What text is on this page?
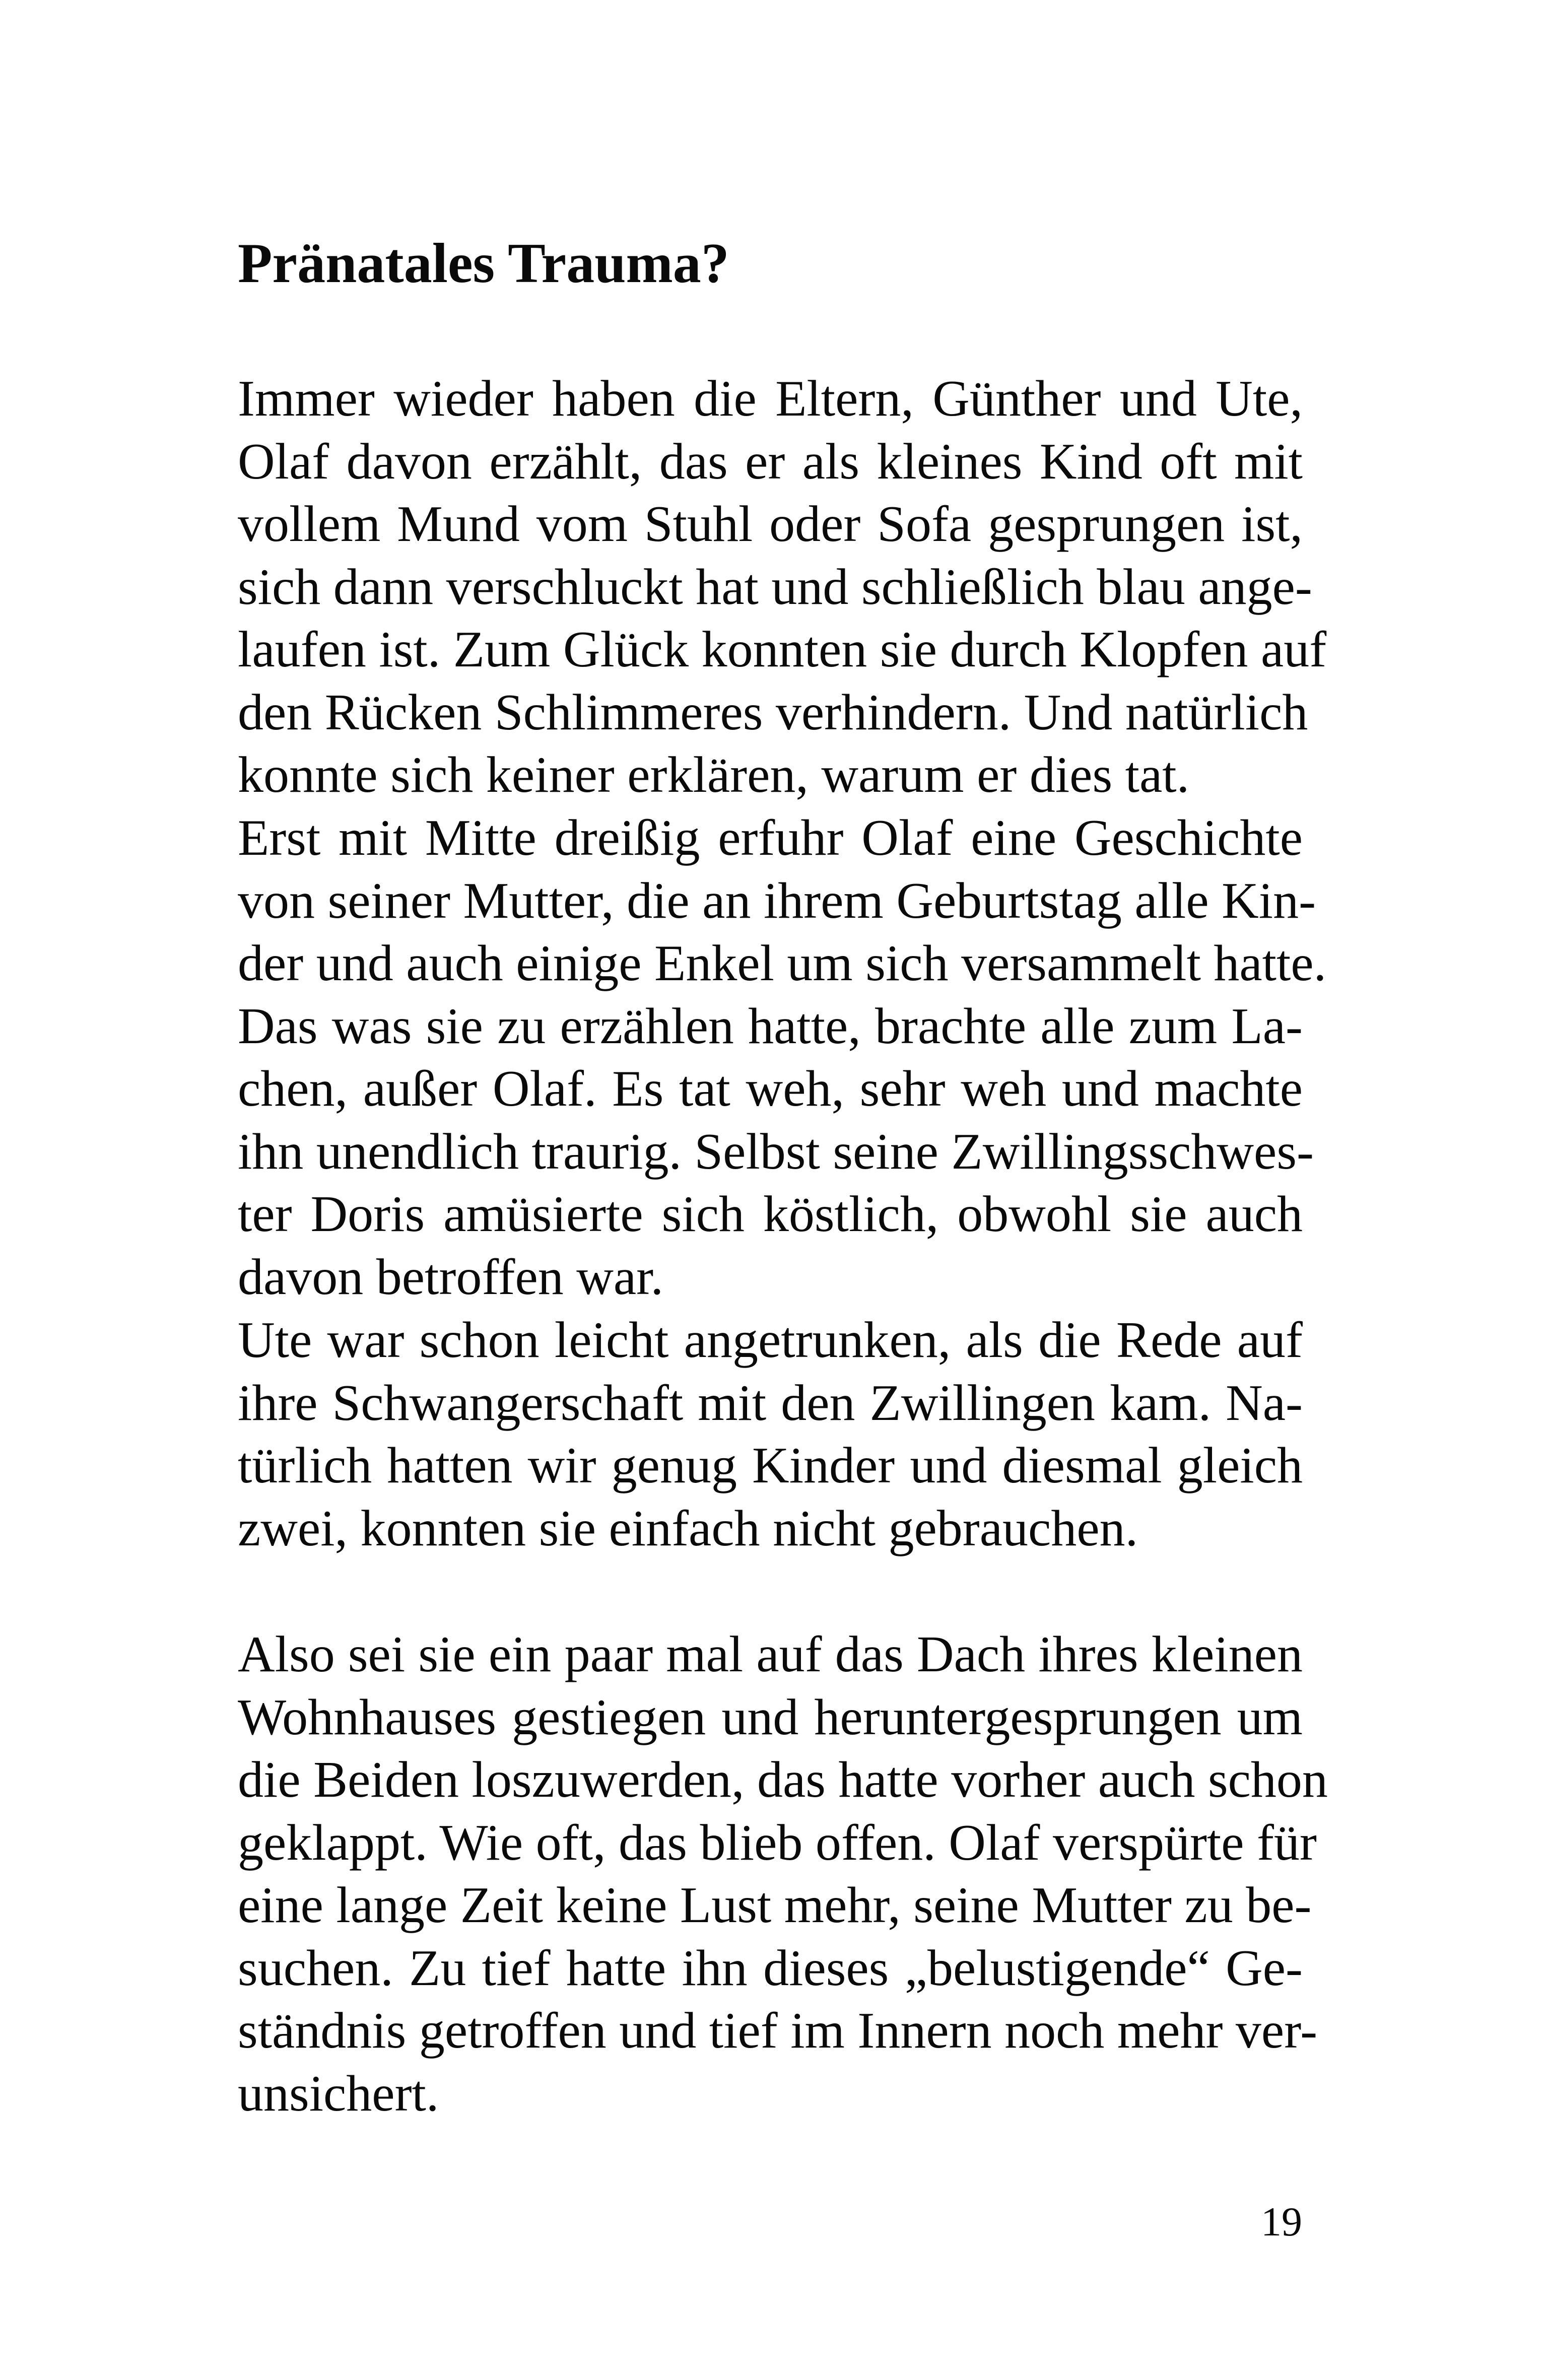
Pränatales Trauma?
Immer wieder haben die Eltern, Günther und Ute,
Olaf davon erzählt, das er als kleines Kind oft mit
vollem Mund vom Stuhl oder Sofa gesprungen ist,
sich dann verschluckt hat und schließlich blau ange-
laufen ist. Zum Glück konnten sie durch Klopfen auf
den Rücken Schlimmeres verhindern. Und natürlich
konnte sich keiner erklären, warum er dies tat.
Erst mit Mitte dreißig erfuhr Olaf eine Geschichte
von seiner Mutter, die an ihrem Geburtstag alle Kin-
der und auch einige Enkel um sich versammelt hatte.
Das was sie zu erzählen hatte, brachte alle zum La-
chen, außer Olaf. Es tat weh, sehr weh und machte
ihn unendlich traurig. Selbst seine Zwillingsschwes-
ter Doris amüsierte sich köstlich, obwohl sie auch
davon betroffen war.
Ute war schon leicht angetrunken, als die Rede auf
ihre Schwangerschaft mit den Zwillingen kam. Na-
türlich hatten wir genug Kinder und diesmal gleich
zwei, konnten sie einfach nicht gebrauchen.
Also sei sie ein paar mal auf das Dach ihres kleinen
Wohnhauses gestiegen und heruntergesprungen um
die Beiden loszuwerden, das hatte vorher auch schon
geklappt. Wie oft, das blieb offen. Olaf verspürte für
eine lange Zeit keine Lust mehr, seine Mutter zu be-
suchen. Zu tief hatte ihn dieses „belustigende“ Ge-
ständnis getroffen und tief im Innern noch mehr ver-
unsichert.

19
